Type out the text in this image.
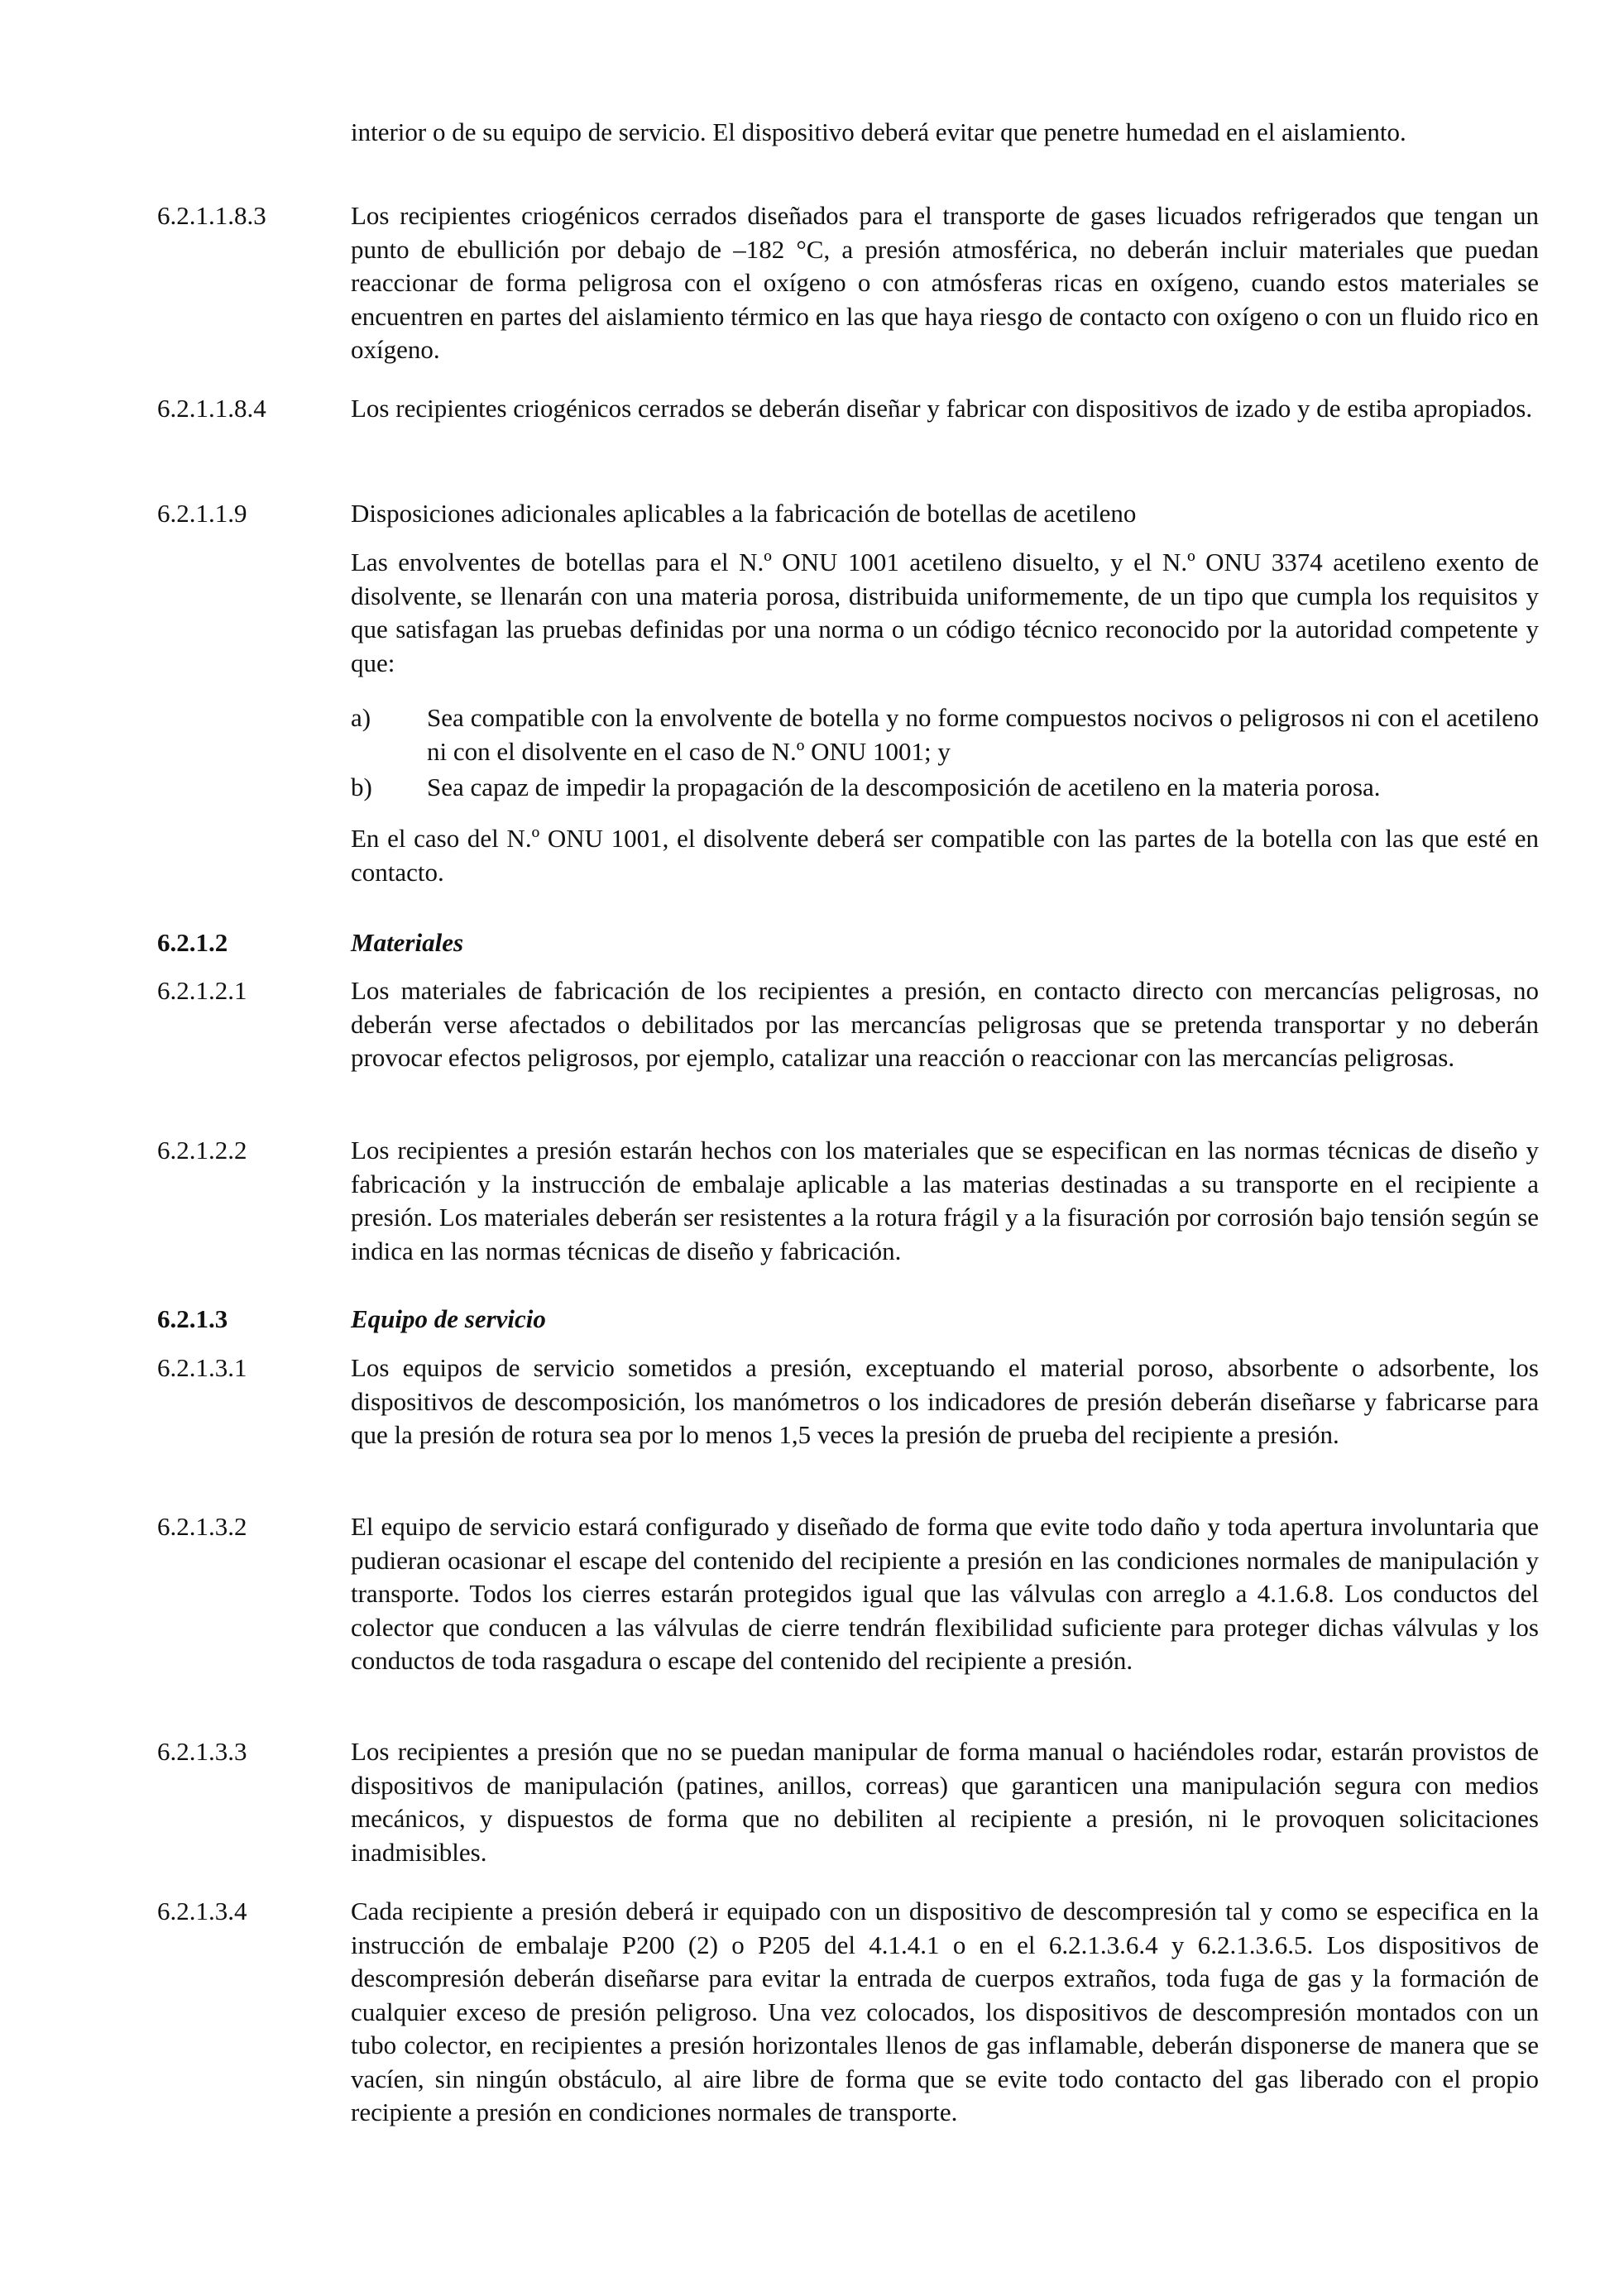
interior o de su equipo de servicio. El dispositivo deberá evitar que penetre humedad en el aislamiento.
6.2.1.1.8.3	Los recipientes criogénicos cerrados diseñados para el transporte de gases licuados refrigerados que tengan un punto de ebullición por debajo de –182 °C, a presión atmosférica, no deberán incluir materiales que puedan reaccionar de forma peligrosa con el oxígeno o con atmósferas ricas en oxígeno, cuando estos materiales se encuentren en partes del aislamiento térmico en las que haya riesgo de contacto con oxígeno o con un fluido rico en oxígeno.
6.2.1.1.8.4	Los recipientes criogénicos cerrados se deberán diseñar y fabricar con dispositivos de izado y de estiba apropiados.
6.2.1.1.9	Disposiciones adicionales aplicables a la fabricación de botellas de acetileno
Las envolventes de botellas para el N.º ONU 1001 acetileno disuelto, y el N.º ONU 3374 acetileno exento de disolvente, se llenarán con una materia porosa, distribuida uniformemente, de un tipo que cumpla los requisitos y que satisfagan las pruebas definidas por una norma o un código técnico reconocido por la autoridad competente y que:
a)	Sea compatible con la envolvente de botella y no forme compuestos nocivos o peligrosos ni con el acetileno ni con el disolvente en el caso de N.º ONU 1001; y
b)	Sea capaz de impedir la propagación de la descomposición de acetileno en la materia porosa.
En el caso del N.º ONU 1001, el disolvente deberá ser compatible con las partes de la botella con las que esté en contacto.
6.2.1.2	Materiales
6.2.1.2.1	Los materiales de fabricación de los recipientes a presión, en contacto directo con mercancías peligrosas, no deberán verse afectados o debilitados por las mercancías peligrosas que se pretenda transportar y no deberán provocar efectos peligrosos, por ejemplo, catalizar una reacción o reaccionar con las mercancías peligrosas.
6.2.1.2.2	Los recipientes a presión estarán hechos con los materiales que se especifican en las normas técnicas de diseño y fabricación y la instrucción de embalaje aplicable a las materias destinadas a su transporte en el recipiente a presión. Los materiales deberán ser resistentes a la rotura frágil y a la fisuración por corrosión bajo tensión según se indica en las normas técnicas de diseño y fabricación.
6.2.1.3	Equipo de servicio
6.2.1.3.1	Los equipos de servicio sometidos a presión, exceptuando el material poroso, absorbente o adsorbente, los dispositivos de descomposición, los manómetros o los indicadores de presión deberán diseñarse y fabricarse para que la presión de rotura sea por lo menos 1,5 veces la presión de prueba del recipiente a presión.
6.2.1.3.2	El equipo de servicio estará configurado y diseñado de forma que evite todo daño y toda apertura involuntaria que pudieran ocasionar el escape del contenido del recipiente a presión en las condiciones normales de manipulación y transporte. Todos los cierres estarán protegidos igual que las válvulas con arreglo a 4.1.6.8. Los conductos del colector que conducen a las válvulas de cierre tendrán flexibilidad suficiente para proteger dichas válvulas y los conductos de toda rasgadura o escape del contenido del recipiente a presión.
6.2.1.3.3	Los recipientes a presión que no se puedan manipular de forma manual o haciéndoles rodar, estarán provistos de dispositivos de manipulación (patines, anillos, correas) que garanticen una manipulación segura con medios mecánicos, y dispuestos de forma que no debiliten al recipiente a presión, ni le provoquen solicitaciones inadmisibles.
6.2.1.3.4	Cada recipiente a presión deberá ir equipado con un dispositivo de descompresión tal y como se especifica en la instrucción de embalaje P200 (2) o P205 del 4.1.4.1 o en el 6.2.1.3.6.4 y 6.2.1.3.6.5. Los dispositivos de descompresión deberán diseñarse para evitar la entrada de cuerpos extraños, toda fuga de gas y la formación de cualquier exceso de presión peligroso. Una vez colocados, los dispositivos de descompresión montados con un tubo colector, en recipientes a presión horizontales llenos de gas inflamable, deberán disponerse de manera que se vacíen, sin ningún obstáculo, al aire libre de forma que se evite todo contacto del gas liberado con el propio recipiente a presión en condiciones normales de transporte.
